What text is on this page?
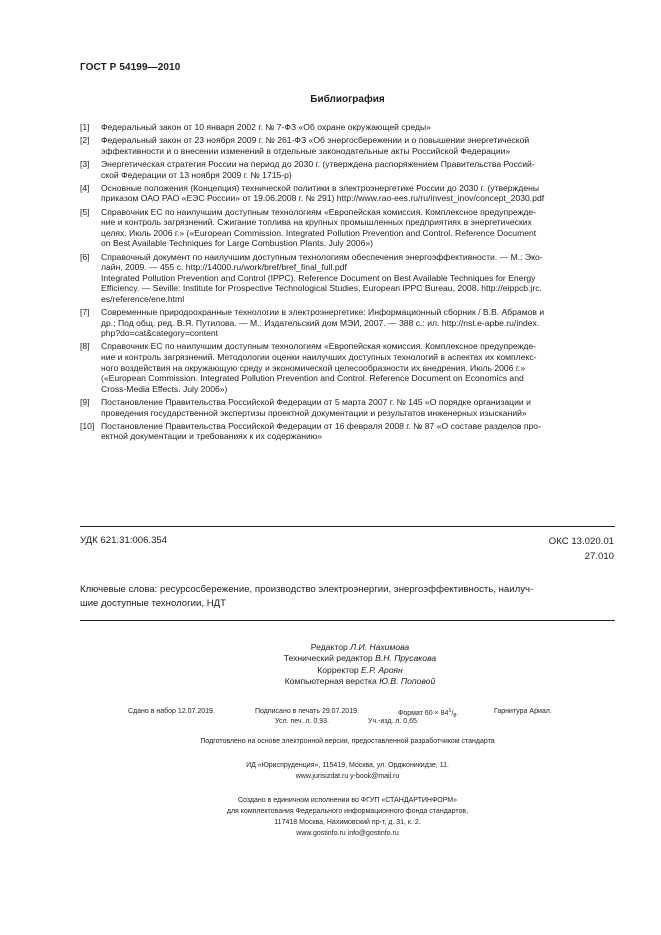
ГОСТ Р 54199—2010
Библиография
[1]	Федеральный закон от 10 января 2002 г. № 7-ФЗ «Об охране окружающей среды»
[2]	Федеральный закон от 23 ноября 2009 г. № 261-ФЗ «Об энергосбережении и о повышении энергетической
эффективности и о внесении изменений в отдельные законодательные акты Российской Федерации»
[3]	Энергетическая стратегия России на период до 2030 г. (утверждена распоряжением Правительства Россий-
ской Федерации от 13 ноября 2009 г. № 1715-р)
[4]	Основные положения (Концепция) технической политики в электроэнергетике России до 2030 г. (утверждены
приказом ОАО РАО «ЕЭС России» от 19.06.2008 г. № 291) http://www.rao-ees.ru/ru/invest_inov/concept_2030.pdf
[5]	Справочник ЕС по наилучшим доступным технологиям «Европейская комиссия. Комплексное предупрежде-
ние и контроль загрязнений. Сжигание топлива на крупных промышленных предприятиях в энергетических
целях. Июль 2006 г.» («European Commission. Integrated Pollution Prevention and Control. Reference Document
on Best Available Techniques for Large Combustion Plants. July 2006»)
[6]	Справочный документ по наилучшим доступным технологиям обеспечения энергоэффективности. — М.: Эко-
лайн, 2009. — 455 с. http://14000.ru/work/bref/bref_final_full.pdf
Integrated Pollution Prevention and Control (IPPC). Reference Document on Best Available Techniques for Energy
Efficiency. — Seville: Institute for Prospective Technological Studies, European IPPC Bureau, 2008. http://eippcb.jrc.
es/reference/ene.html
[7]	Современные природоохранные технологии в электроэнергетике: Информационный сборник / В.В. Абрамов и
др.; Под общ. ред. В.Я. Путилова. — М.: Издательский дом МЭИ, 2007. — 388 с.: ил. http://nst.e-apbe.ru/index.
php?do=cat&category=content
[8]	Справочник ЕС по наилучшим доступным технологиям «Европейская комиссия. Комплексное предупрежде-
ние и контроль загрязнений. Методологии оценки наилучших доступных технологий в аспектах их комплекс-
ного воздействия на окружающую среду и экономической целесообразности их внедрения. Июль 2006 г.»
(«European Commission. Integrated Pollution Prevention and Control. Reference Document on Economics and
Cross-Media Effects. July 2006»)
[9]	Постановление Правительства Российской Федерации от 5 марта 2007 г. № 145 «О порядке организации и
проведения государственной экспертизы проектной документации и результатов инженерных изысканий»
[10] Постановление Правительства Российской Федерации от 16 февраля 2008 г. № 87 «О составе разделов про-
ектной документации и требованиях к их содержанию»
УДК 621.31:006.354	ОКС 13.020.01
27.010
Ключевые слова: ресурсосбережение, производство электроэнергии, энергоэффективность, наилуч-
шие доступные технологии, НДТ
Редактор Л.И. Нахимова
Технический редактор В.Н. Прусакова
Корректор Е.Р. Ароян
Компьютерная верстка Ю.В. Поповой
Сдано в набор 12.07.2019.	Подписано в печать 29.07.2019.	Формат $60 \times 84^1/_8$.	Гарнитура Ариал.
Усл. печ. л. 0,93.	Уч.-изд. л. 0,65.
Подготовлено на основе электронной версии, предоставленной разработчиком стандарта
ИД «Юриспруденция», 115419, Москва, ул. Орджоникидзе, 11.
www.jurisizdat.ru y-book@mail.ru
Создано в единичном исполнении во ФГУП «СТАНДАРТИНФОРМ»
для комплектования Федерального информационного фонда стандартов,
117418 Москва, Нахимовский пр-т, д. 31, к. 2.
www.gostinfo.ru info@gostinfo.ru
